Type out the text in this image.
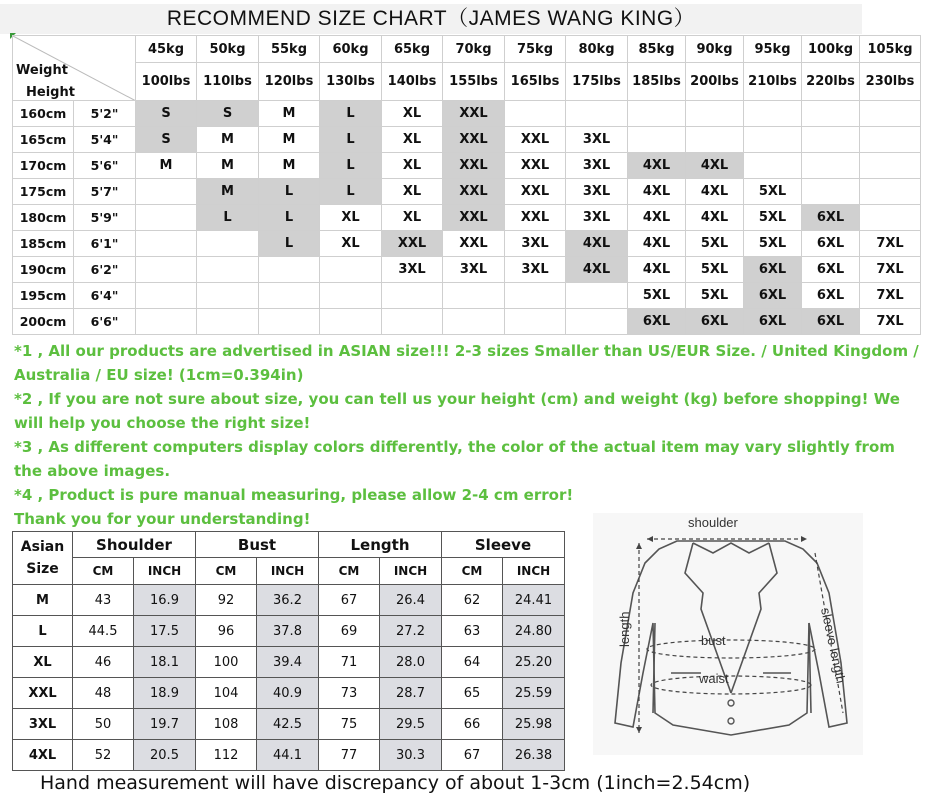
RECOMMEND SIZE CHART（JAMES WANG KING）
Weight
Height		45kg	50kg	55kg	60kg	65kg	70kg	75kg	80kg	85kg	90kg	95kg	100kg	105kg
		100lbs	110lbs	120lbs	130lbs	140lbs	155lbs	165lbs	175lbs	185lbs	200lbs	210lbs	220lbs	230lbs
160cm	5'2"	S	S	M	L	XL	XXL							
165cm	5'4"	S	M	M	L	XL	XXL	XXL	3XL					
170cm	5'6"	M	M	M	L	XL	XXL	XXL	3XL	4XL	4XL			
175cm	5'7"		M	L	L	XL	XXL	XXL	3XL	4XL	4XL	5XL		
180cm	5'9"		L	L	XL	XL	XXL	XXL	3XL	4XL	4XL	5XL	6XL	
185cm	6'1"			L	XL	XXL	XXL	3XL	4XL	4XL	5XL	5XL	6XL	7XL
190cm	6'2"					3XL	3XL	3XL	4XL	4XL	5XL	6XL	6XL	7XL
195cm	6'4"									5XL	5XL	6XL	6XL	7XL
200cm	6'6"									6XL	6XL	6XL	6XL	7XL

*1 , All our products are advertised in ASIAN size!!! 2-3 sizes Smaller than US/EUR Size. / United Kingdom / Australia / EU size! (1cm=0.394in)

*2 , If you are not sure about size, you can tell us your height (cm) and weight (kg) before shopping! We will help you choose the right size!

*3 , As different computers display colors differently, the color of the actual item may vary slightly from the above images.

*4 , Product is pure manual measuring, please allow 2-4 cm error!

Thank you for your understanding!

Asian Size	Shoulder		Bust		Length		Sleeve	
	CM	INCH	CM	INCH	CM	INCH	CM	INCH
M	43	16.9	92	36.2	67	26.4	62	24.41
L	44.5	17.5	96	37.8	69	27.2	63	24.80
XL	46	18.1	100	39.4	71	28.0	64	25.20
XXL	48	18.9	104	40.9	73	28.7	65	25.59
3XL	50	19.7	108	42.5	75	29.5	66	25.98
4XL	52	20.5	112	44.1	77	30.3	67	26.38
shoulder
length	bust
waist	sleeve length
Hand measurement will have discrepancy of about 1-3cm (1inch=2.54cm)
